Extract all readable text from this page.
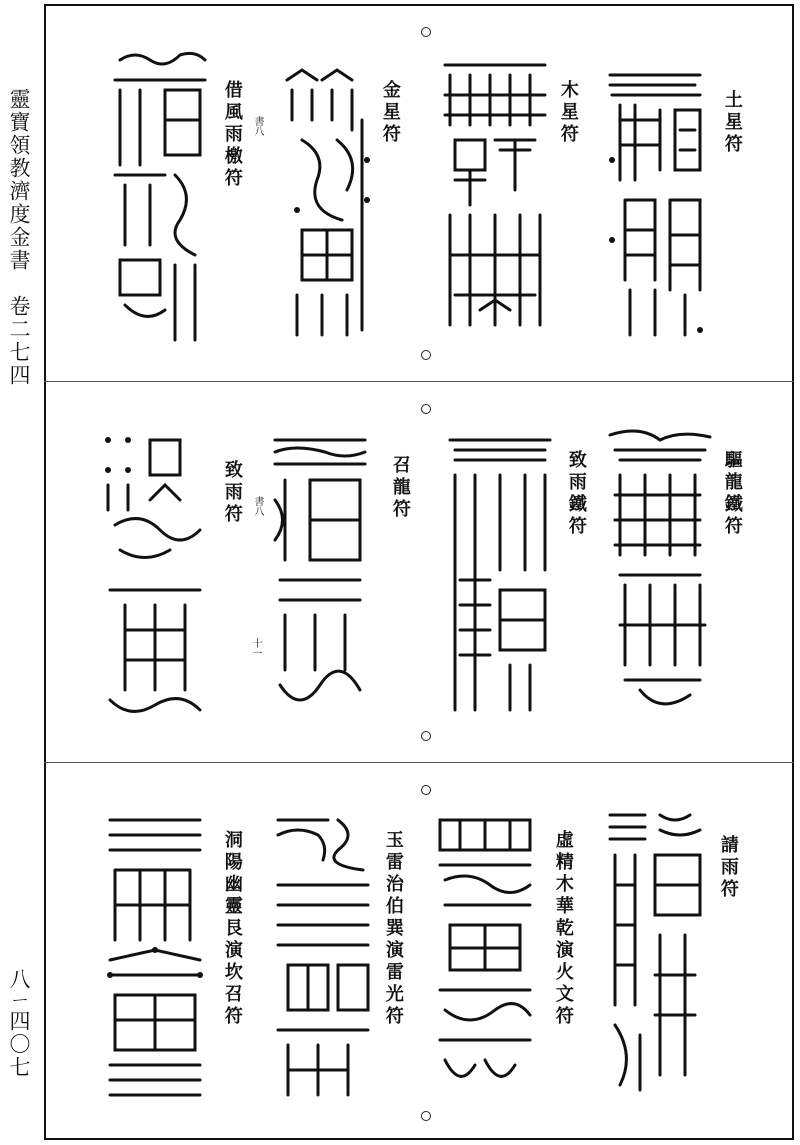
靈寶領教濟度金書　卷二七四
八ㄧ四〇七
土星符
木星符
金星符
借風雨檄符 書八
驅龍鐵符
致雨鐵符
召龍符
十一
致雨符 書八
請雨符
虛精木華乾演火文符
玉雷治伯巽演雷光符
洞陽幽靈艮演坎召符
